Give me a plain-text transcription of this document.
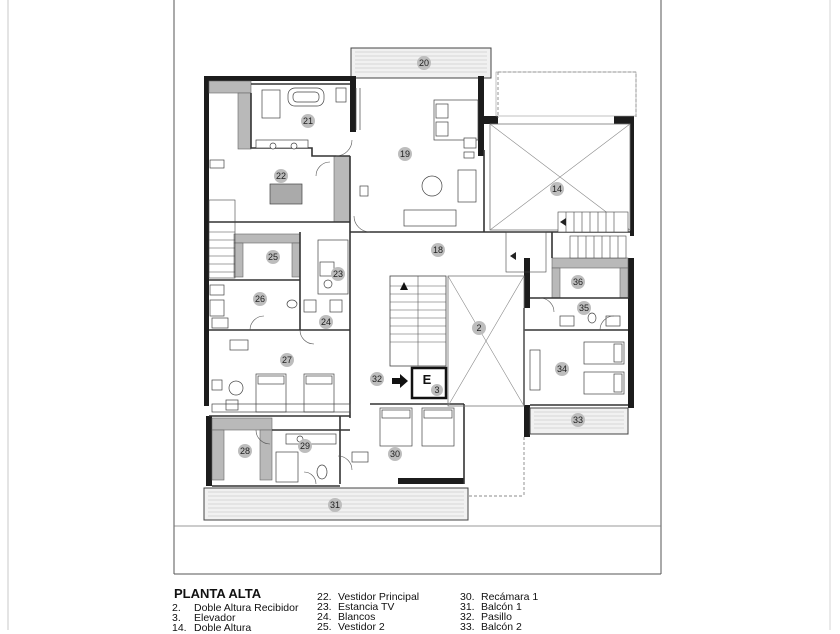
20
21
22
19
14
18
25
23
26
24
2
36
35
27
32
3
34
33
28	29
30
31
E
PLANTA ALTA
2. Doble Altura Recibidor
3. Elevador
14. Doble Altura
22. Vestidor Principal
23. Estancia TV
24. Blancos
25. Vestidor 2
30. Recámara 1
31. Balcón 1
32. Pasillo
33. Balcón 2
